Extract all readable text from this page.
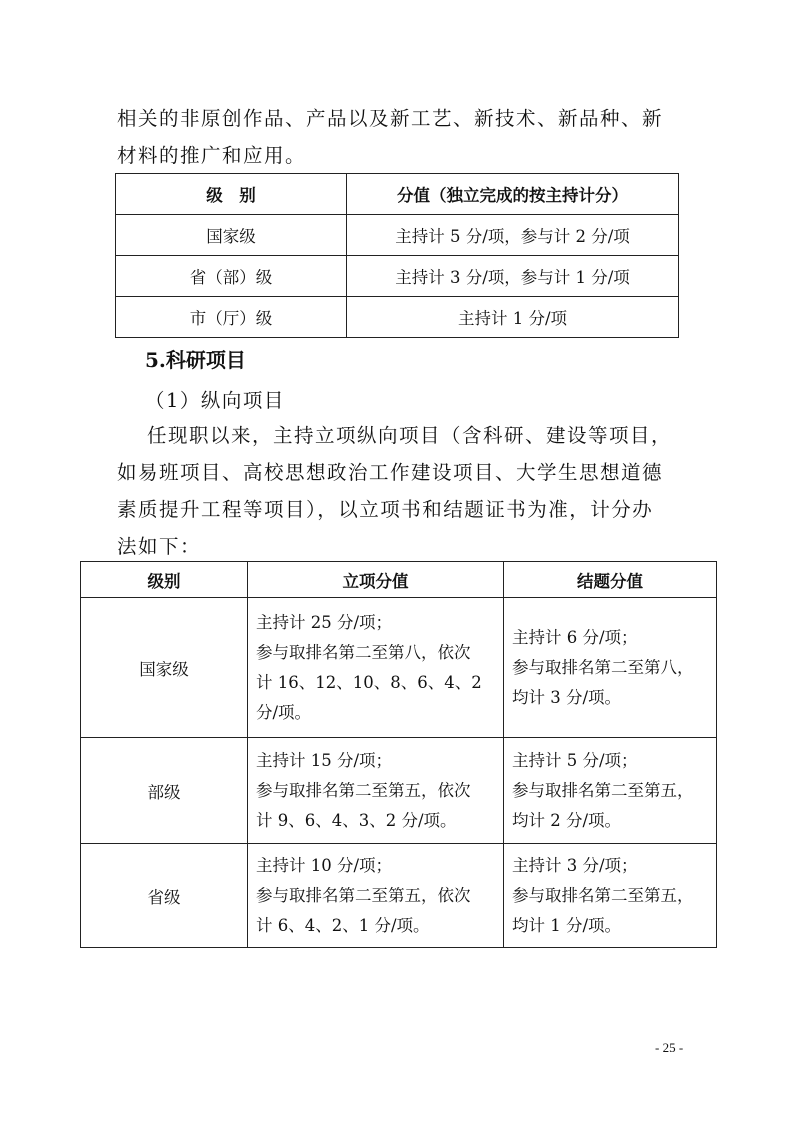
相关的非原创作品、产品以及新工艺、新技术、新品种、新
材料的推广和应用。
级　别	分值（独立完成的按主持计分）
国家级	主持计 5 分/项，参与计 2 分/项
省（部）级	主持计 3 分/项，参与计 1 分/项
市（厅）级	主持计 1 分/项
5.科研项目
（1）纵向项目
任现职以来，主持立项纵向项目（含科研、建设等项目，
如易班项目、高校思想政治工作建设项目、大学生思想道德
素质提升工程等项目），以立项书和结题证书为准，计分办
法如下：
级别	立项分值	结题分值
国家级	主持计 25 分/项；
参与取排名第二至第八，依次
计 16、12、10、8、6、4、2
分/项。	主持计 6 分/项；
参与取排名第二至第八，
均计 3 分/项。

部级	主持计 15 分/项；
参与取排名第二至第五，依次
计 9、6、4、3、2 分/项。	主持计 5 分/项；
参与取排名第二至第五，
均计 2 分/项。

省级	主持计 10 分/项；
参与取排名第二至第五，依次
计 6、4、2、1 分/项。	主持计 3 分/项；
参与取排名第二至第五，
均计 1 分/项。
- 25 -
